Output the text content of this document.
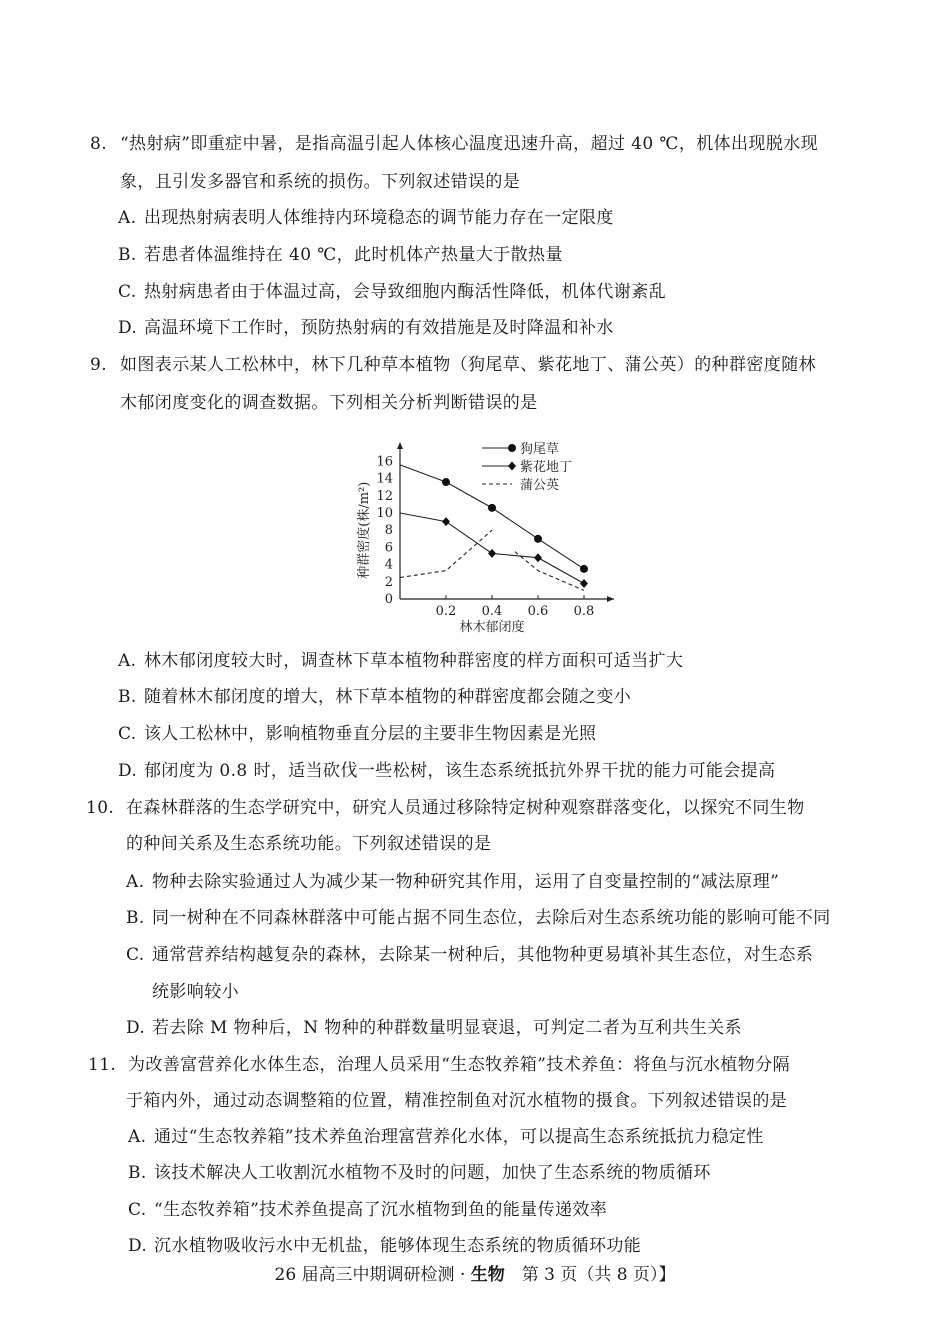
8. “热射病”即重症中暑，是指高温引起人体核心温度迅速升高，超过 40 ℃，机体出现脱水现
象，且引发多器官和系统的损伤。下列叙述错误的是
A. 出现热射病表明人体维持内环境稳态的调节能力存在一定限度
B. 若患者体温维持在 40 ℃，此时机体产热量大于散热量
C. 热射病患者由于体温过高，会导致细胞内酶活性降低，机体代谢紊乱
D. 高温环境下工作时，预防热射病的有效措施是及时降温和补水
9. 如图表示某人工松林中，林下几种草本植物（狗尾草、紫花地丁、蒲公英）的种群密度随林
木郁闭度变化的调查数据。下列相关分析判断错误的是
0
2
4
6
8
10
12
14
16
0.2 0.4 0.6 0.8
林木郁闭度
种群密度(株/m²)
狗尾草
紫花地丁
蒲公英
A. 林木郁闭度较大时，调查林下草本植物种群密度的样方面积可适当扩大
B. 随着林木郁闭度的增大，林下草本植物的种群密度都会随之变小
C. 该人工松林中，影响植物垂直分层的主要非生物因素是光照
D. 郁闭度为 0.8 时，适当砍伐一些松树，该生态系统抵抗外界干扰的能力可能会提高
10. 在森林群落的生态学研究中，研究人员通过移除特定树种观察群落变化，以探究不同生物
的种间关系及生态系统功能。下列叙述错误的是
A. 物种去除实验通过人为减少某一物种研究其作用，运用了自变量控制的“减法原理”
B. 同一树种在不同森林群落中可能占据不同生态位，去除后对生态系统功能的影响可能不同
C. 通常营养结构越复杂的森林，去除某一树种后，其他物种更易填补其生态位，对生态系
统影响较小
D. 若去除 M 物种后，N 物种的种群数量明显衰退，可判定二者为互利共生关系
11. 为改善富营养化水体生态，治理人员采用“生态牧养箱”技术养鱼：将鱼与沉水植物分隔
于箱内外，通过动态调整箱的位置，精准控制鱼对沉水植物的摄食。下列叙述错误的是
A. 通过“生态牧养箱”技术养鱼治理富营养化水体，可以提高生态系统抵抗力稳定性
B. 该技术解决人工收割沉水植物不及时的问题，加快了生态系统的物质循环
C. “生态牧养箱”技术养鱼提高了沉水植物到鱼的能量传递效率
D. 沉水植物吸收污水中无机盐，能够体现生态系统的物质循环功能
26 届高三中期调研检测 · 生物　第 3 页（共 8 页）】
